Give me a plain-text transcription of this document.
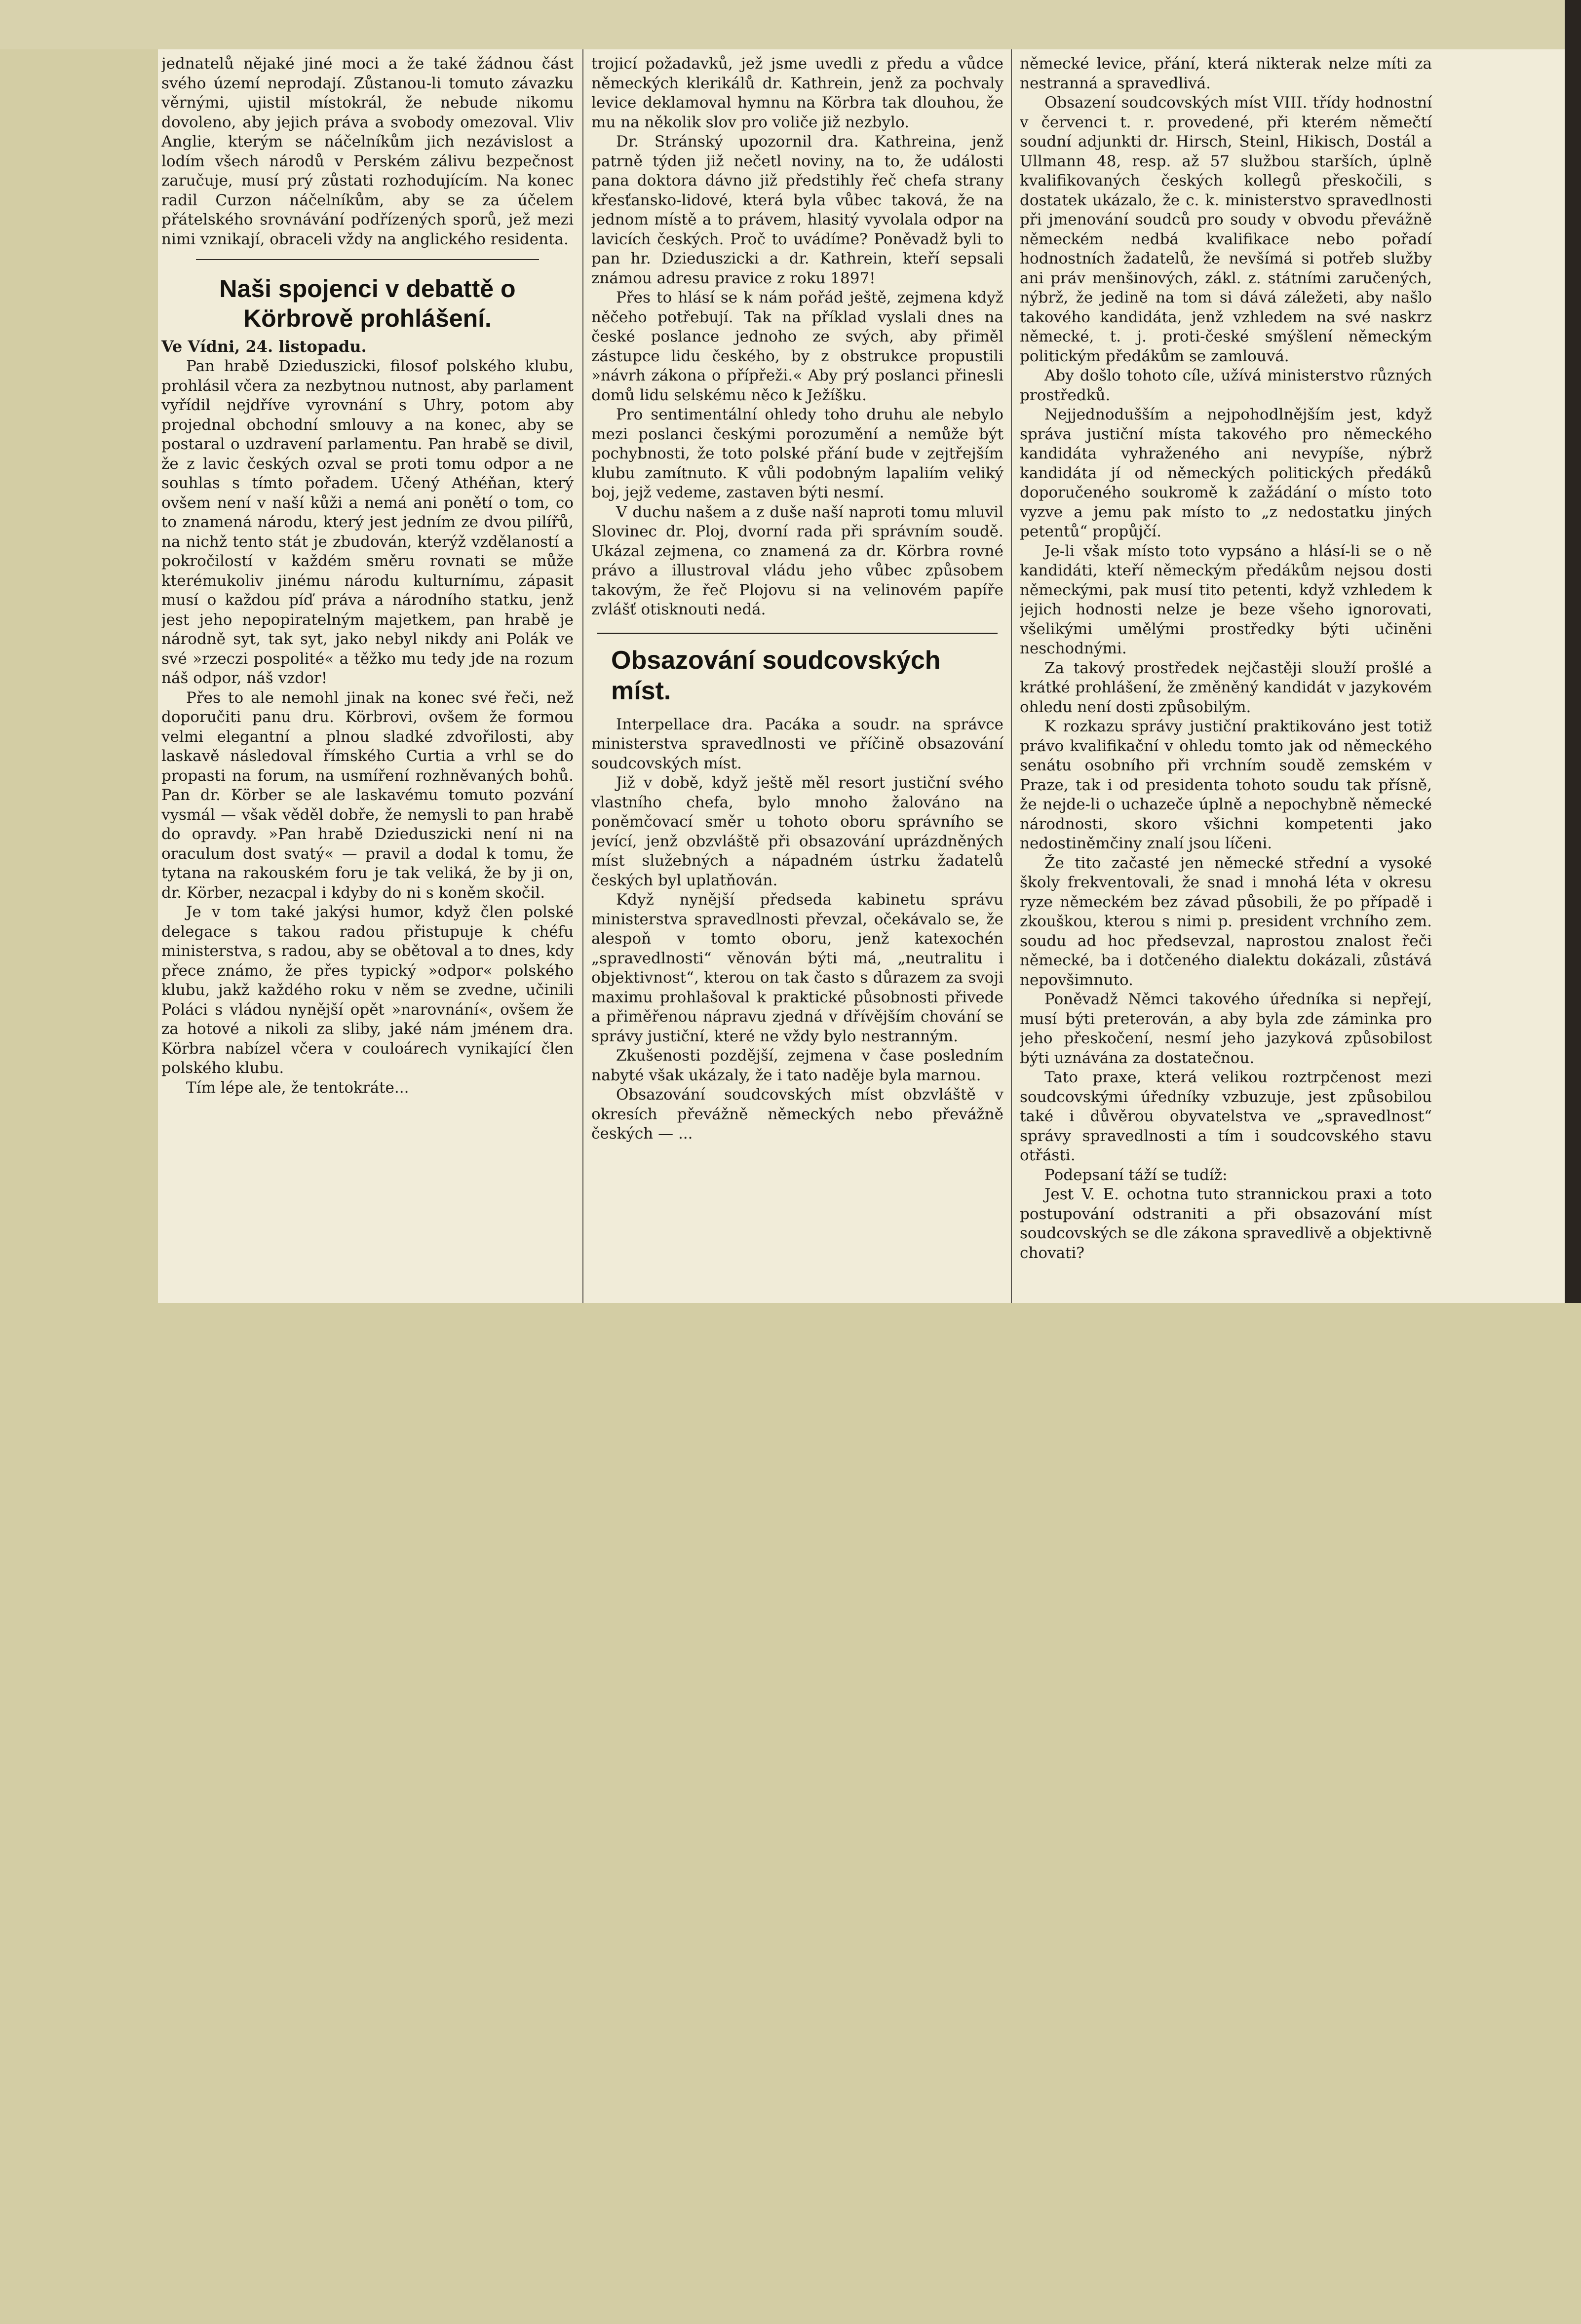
jednatelů nějaké jiné moci a že také žádnou část svého území neprodají. Zůstanou-li tomuto závazku věrnými, ujistil místokrál, že nebude nikomu dovoleno, aby jejich práva a svobody omezoval. Vliv Anglie, kterým se náčelníkům jich nezávislost a lodím všech národů v Perském zálivu bezpečnost zaručuje, musí prý zůstati rozhodujícím. Na konec radil Curzon náčelníkům, aby se za účelem přátelského srovnávání podřízených sporů, jež mezi nimi vznikají, obraceli vždy na anglického residenta.

Naši spojenci v debattě o Körbrově prohlášení.

Ve Vídni, 24. listopadu.

Pan hrabě Dzieduszicki, filosof polského klubu, prohlásil včera za nezbytnou nutnost, aby parlament vyřídil nejdříve vyrovnání s Uhry, potom aby projednal obchodní smlouvy a na konec, aby se postaral o uzdravení parlamentu. Pan hrabě se divil, že z lavic českých ozval se proti tomu odpor a ne souhlas s tímto pořadem. Učený Athéňan, který ovšem není v naší kůži a nemá ani ponětí o tom, co to znamená národu, který jest jedním ze dvou pilířů, na nichž tento stát je zbudován, kterýž vzdělaností a pokročilostí v každém směru rovnati se může kterémukoliv jinému národu kulturnímu, zápasit musí o každou píď práva a národního statku, jenž jest jeho nepopiratelným majetkem, pan hrabě je národně syt, tak syt, jako nebyl nikdy ani Polák ve své »rzeczi pospolité« a těžko mu tedy jde na rozum náš odpor, náš vzdor!

Přes to ale nemohl jinak na konec své řeči, než doporučiti panu dru. Körbrovi, ovšem že formou velmi elegantní a plnou sladké zdvořilosti, aby laskavě následoval římského Curtia a vrhl se do propasti na forum, na usmíření rozhněvaných bohů. Pan dr. Körber se ale laskavému tomuto pozvání vysmál — však věděl dobře, že nemysli to pan hrabě do opravdy. »Pan hrabě Dzieduszicki není ni na oraculum dost svatý« — pravil a dodal k tomu, že tytana na rakouském foru je tak veliká, že by ji on, dr. Körber, nezacpal i kdyby do ni s koněm skočil.

Je v tom také jakýsi humor, když člen polské delegace s takou radou přistupuje k chéfu ministerstva, s radou, aby se obětoval a to dnes, kdy přece známo, že přes typický »odpor« polského klubu, jakž každého roku v něm se zvedne, učinili Poláci s vládou nynější opět »narovnání«, ovšem že za hotové a nikoli za sliby, jaké nám jménem dra. Körbra nabízel včera v couloárech vynikající člen polského klubu.

Tím lépe ale, že tentokráte...

trojicí požadavků, jež jsme uvedli z předu a vůdce německých klerikálů dr. Kathrein, jenž za pochvaly levice deklamoval hymnu na Körbra tak dlouhou, že mu na několik slov pro voliče již nezbylo.

Dr. Stránský upozornil dra. Kathreina, jenž patrně týden již nečetl noviny, na to, že události pana doktora dávno již předstihly řeč chefa strany křesťansko-lidové, která byla vůbec taková, že na jednom místě a to právem, hlasitý vyvolala odpor na lavicích českých. Proč to uvádíme? Poněvadž byli to pan hr. Dzieduszicki a dr. Kathrein, kteří sepsali známou adresu pravice z roku 1897!

Přes to hlásí se k nám pořád ještě, zejmena když něčeho potřebují. Tak na příklad vyslali dnes na české poslance jednoho ze svých, aby přiměl zástupce lidu českého, by z obstrukce propustili »návrh zákona o přípřeži.« Aby prý poslanci přinesli domů lidu selskému něco k Ježíšku.

Pro sentimentální ohledy toho druhu ale nebylo mezi poslanci českými porozumění a nemůže být pochybnosti, že toto polské přání bude v zejtřejším klubu zamítnuto. K vůli podobným lapaliím veliký boj, jejž vedeme, zastaven býti nesmí.

V duchu našem a z duše naší naproti tomu mluvil Slovinec dr. Ploj, dvorní rada při správním soudě. Ukázal zejmena, co znamená za dr. Körbra rovné právo a illustroval vládu jeho vůbec způsobem takovým, že řeč Plojovu si na velinovém papíře zvlášť otisknouti nedá.

Obsazování soudcovských míst.

Interpellace dra. Pacáka a soudr. na správce ministerstva spravedlnosti ve příčině obsazování soudcovských míst.

Již v době, když ještě měl resort justiční svého vlastního chefa, bylo mnoho žalováno na poněmčovací směr u tohoto oboru správního se jevící, jenž obzvláště při obsazování uprázdněných míst služebných a nápadném ústrku žadatelů českých byl uplatňován.

Když nynější předseda kabinetu správu ministerstva spravedlnosti převzal, očekávalo se, že alespoň v tomto oboru, jenž katexochén „spravedlnosti“ věnován býti má, „neutralitu i objektivnost“, kterou on tak často s důrazem za svoji maximu prohlašoval k praktické působnosti přivede a přiměřenou nápravu zjedná v dřívějším chování se správy justiční, které ne vždy bylo nestranným.

Zkušenosti pozdější, zejmena v čase posledním nabyté však ukázaly, že i tato naděje byla marnou.

Obsazování soudcovských míst obzvláště v okresích převážně německých nebo převážně českých — ...

německé levice, přání, která nikterak nelze míti za nestranná a spravedlivá.

Obsazení soudcovských míst VIII. třídy hodnostní v červenci t. r. provedené, při kterém němečtí soudní adjunkti dr. Hirsch, Steinl, Hikisch, Dostál a Ullmann 48, resp. až 57 službou starších, úplně kvalifikovaných českých kollegů přeskočili, s dostatek ukázalo, že c. k. ministerstvo spravedlnosti při jmenování soudců pro soudy v obvodu převážně německém nedbá kvalifikace nebo pořadí hodnostních žadatelů, že nevšímá si potřeb služby ani práv menšinových, zákl. z. státními zaručených, nýbrž, že jedině na tom si dává záležeti, aby našlo takového kandidáta, jenž vzhledem na své naskrz německé, t. j. proti-české smýšlení německým politickým předákům se zamlouvá.

Aby došlo tohoto cíle, užívá ministerstvo různých prostředků.

Nejjednodušším a nejpohodlnějším jest, když správa justiční místa takového pro německého kandidáta vyhraženého ani nevypíše, nýbrž kandidáta jí od německých politických předáků doporučeného soukromě k zažádání o místo toto vyzve a jemu pak místo to „z nedostatku jiných petentů“ propůjčí.

Je-li však místo toto vypsáno a hlásí-li se o ně kandidáti, kteří německým předákům nejsou dosti německými, pak musí tito petenti, když vzhledem k jejich hodnosti nelze je beze všeho ignorovati, všelikými umělými prostředky býti učiněni neschodnými.

Za takový prostředek nejčastěji slouží prošlé a krátké prohlášení, že změněný kandidát v jazykovém ohledu není dosti způsobilým.

K rozkazu správy justiční praktikováno jest totiž právo kvalifikační v ohledu tomto jak od německého senátu osobního při vrchním soudě zemském v Praze, tak i od presidenta tohoto soudu tak přísně, že nejde-li o uchazeče úplně a nepochybně německé národnosti, skoro všichni kompetenti jako nedostiněmčiny znalí jsou líčeni.

Že tito začasté jen německé střední a vysoké školy frekventovali, že snad i mnohá léta v okresu ryze německém bez závad působili, že po případě i zkouškou, kterou s nimi p. president vrchního zem. soudu ad hoc předsevzal, naprostou znalost řeči německé, ba i dotčeného dialektu dokázali, zůstává nepovšimnuto.

Poněvadž Němci takového úředníka si nepřejí, musí býti preterován, a aby byla zde záminka pro jeho přeskočení, nesmí jeho jazyková způsobilost býti uznávána za dostatečnou.

Tato praxe, která velikou roztrpčenost mezi soudcovskými úředníky vzbuzuje, jest způsobilou také i důvěrou obyvatelstva ve „spravedlnost“ správy spravedlnosti a tím i soudcovského stavu otřásti.

Podepsaní táží se tudíž:

Jest V. E. ochotna tuto strannickou praxi a toto postupování odstraniti a při obsazování míst soudcovských se dle zákona spravedlivě a objektivně chovati?
